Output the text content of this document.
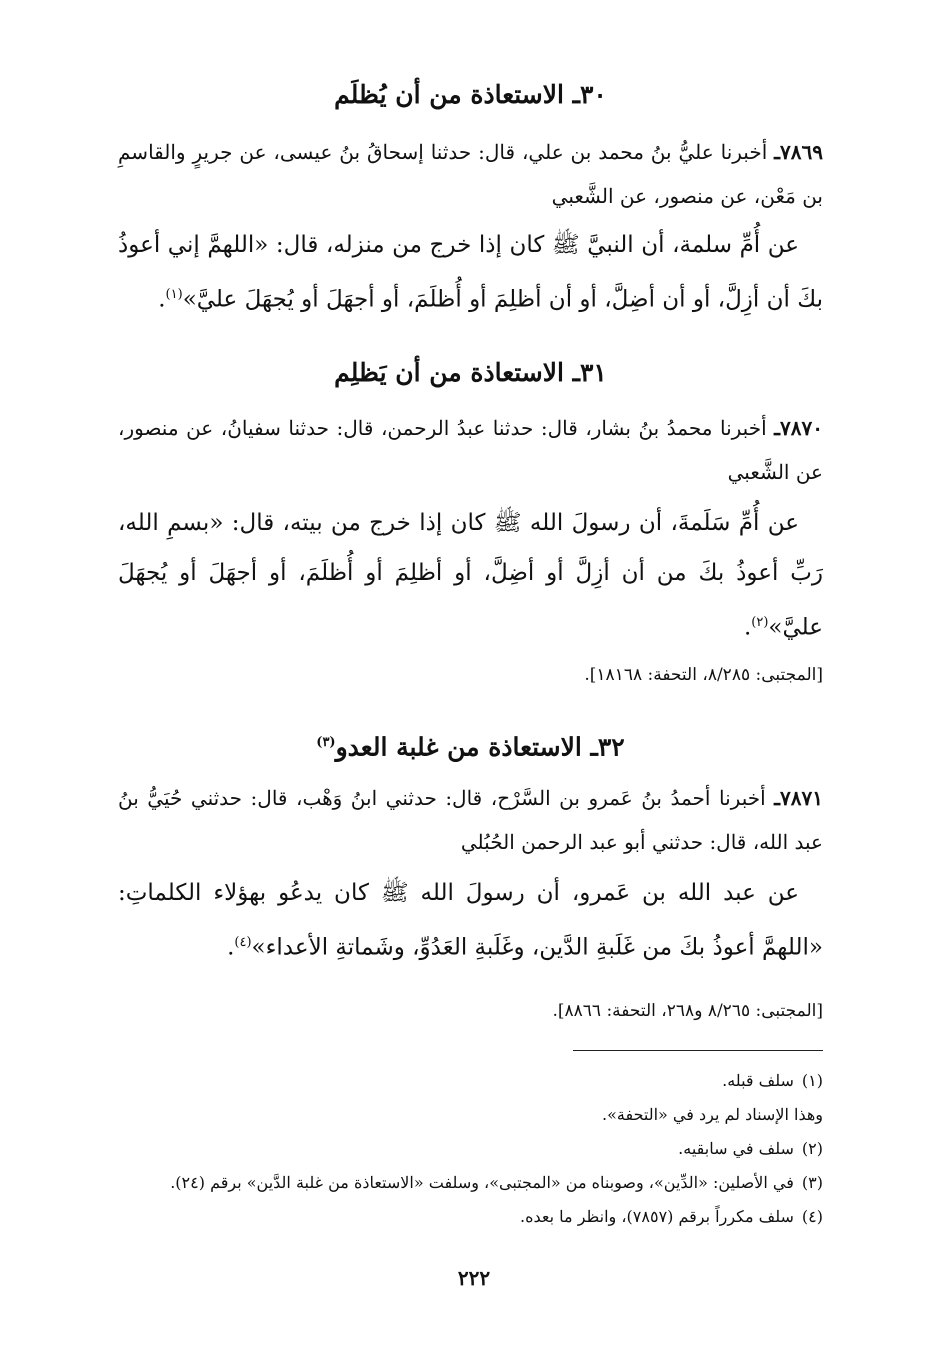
٣٠ـ الاستعاذة من أن يُظلَم

٧٨٦٩ـ أخبرنا عليُّ بنُ محمد بن علي، قال: حدثنا إسحاقُ بنُ عيسى، عن جريرٍ والقاسمِ بن مَعْن، عن منصور، عن الشَّعبي

عن أُمِّ سلمة، أن النبيَّ ﷺ كان إذا خرج من منزله، قال: «اللهمَّ إني أعوذُ بكَ أن أزِلَّ، أو أن أضِلَّ، أو أن أظلِمَ أو أُظلَمَ، أو أجهَلَ أو يُجهَلَ عليَّ»$^{(١)}$.

٣١ـ الاستعاذة من أن يَظلِم

٧٨٧٠ـ أخبرنا محمدُ بنُ بشار، قال: حدثنا عبدُ الرحمن، قال: حدثنا سفيانُ، عن منصور، عن الشَّعبي

عن أُمِّ سَلَمةَ، أن رسولَ الله ﷺ كان إذا خرج من بيته، قال: «بسمِ الله، رَبِّ أعوذُ بكَ من أن أزِلَّ أو أضِلَّ، أو أظلِمَ أو أُظلَمَ، أو أجهَلَ أو يُجهَلَ عليَّ»$^{(٢)}$.

[المجتبى: ٨/٢٨٥، التحفة: ١٨١٦٨].

٣٢ـ الاستعاذة من غلبة العدو$^{(٣)}$

٧٨٧١ـ أخبرنا أحمدُ بنُ عَمرو بن السَّرْح، قال: حدثني ابنُ وَهْب، قال: حدثني حُيَيُّ بنُ عبد الله، قال: حدثني أبو عبد الرحمن الحُبُلي

عن عبد الله بن عَمرو، أن رسولَ الله ﷺ كان يدعُو بهؤلاء الكلماتِ: «اللهمَّ أعوذُ بكَ من غَلَبةِ الدَّين، وغَلَبةِ العَدُوِّ، وشَماتةِ الأعداء»$^{(٤)}$.

[المجتبى: ٨/٢٦٥ و٢٦٨، التحفة: ٨٨٦٦].

(١)سلف قبله.

وهذا الإسناد لم يرد في «التحفة».

(٢)سلف في سابقيه.

(٣)في الأصلين: «الدِّين»، وصوبناه من «المجتبى»، وسلفت «الاستعاذة من غلبة الدَّين» برقم (٢٤).

(٤)سلف مكرراً برقم (٧٨٥٧)، وانظر ما بعده.

٢٢٢
